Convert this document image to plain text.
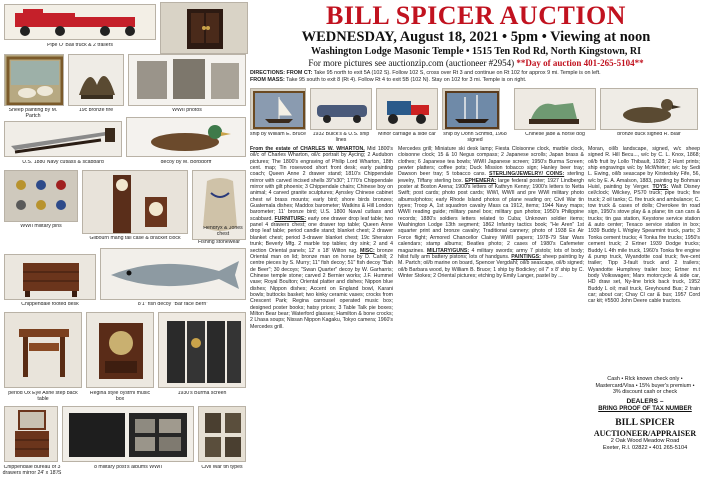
Pipe O' Ball truck & 2 trailers
Sheep painting by M. Partch
19c bronze fire	WWII photos
U.S. 1880 Navy cutlass & scabbard	decoy by M. Borbdorff
WWII military pins
Fishing stonewear
Gilbourn mahg tall case & bracket clock
Hendryx & Jones chest
Chippendale footed desk	8'1" fish decoy "Bar face Berri"
period Ox Eye Ashe step back table
Regina style oystrhl music box
1930's Burma screen
Chippendale bureau of 3 drawers mirror 24' x 18'/S
8 military post's albums WWII	Civil War tin types
BILL SPICER AUCTION
WEDNESDAY, August 18, 2021 • 5pm • Viewing at noon
Washington Lodge Masonic Temple • 1515 Ten Rod Rd, North Kingstown, RI
For more pictures see auctionzip.com (auctioneer #2954) **Day of auction 401-265-5104**
DIRECTIONS: FROM CT: Take 95 north to exit 5A (102 S). Follow 102 S, cross over Rt 3 and continue on Rt 102 for approx 9 mi. Temple is on left.
FROM MASS: Take 95 south to exit 8 (Rt 4). Follow Rt 4 to exit 5B (102 N). Stay on 102 for 3 mi. Temple is on right.
ship by William E. Bruce	1932 Buick's & U.S. ship lines
Minor carriage & side car	ship by Donn Schmid, 1968 signed
Chinese jade & horse dog	bronze duck signed R. Blair
From the estate of CHARLES W. WHARTON, Mid 1800's oil/c of Charles Wharton, oil/c portrait by Aycing; 2 Audubon pictures; The 1800's engraving of Philip Lord Wharton, 18th cent. map; Tin rosewood short front desk; early painting coach; Queen Anne 2 drawer stand; 1810's Chippendale mirror with carved incised shells 39"x30"; 1770's Chippendale mirror with gilt phoenix; 3 Chippendale chairs; Chinese boy on animal; 4 carved granite sculptures; Aynsley Chinese cabinet chest w/ brass mounts; early bird; shore birds bronzes; Guatemala dishes; Maddox barometer; Watkins & Hill London barometer; 11' bronze bird; U.S. 1800 Naval cutlass and scabbard. FURNITURE: early one drawer drop leaf table; two panel 4 drawers chest; one drawer top table; Queen Anne drop leaf table; period candle stand; blanket chest; 2 drawer blanket chest; period 3-drawer blanket chest; 19c Sheraton trunk; Beverly Mfg. 2 marble top tables; dry sink; 2 and 4 section Oriental panels; 12' x 18' Wilton rug. MISC: bronze Oriental man on lid; bronze man on horse by D. Cahill; 2 centre pieces by S. Murry; 11" fish decoy; 51" fish decoy "Bah de Beer"; 30 decoys; "Swan Quarter" decoy by W. Garharris; Chinese temple stone; carved 2 Bernier works; J.F. Hummel vase; Royal Boulton; Oriental platter and dishes; Nippon blue dishes; Nippon dishes; Accent on England bowl, Karani bowls; buttocks basket; two kinky ceramic vases; crocks from Crescent Park; Regina carrousel operated music box; designed poster books; hatsy prices; 3 Table Talk pie boxes; Milton Bear bear; Waterford glasses; Hamilton & bone crocks; 2 Lhasa soups; Nissan Nippon Kagaku, Tokyo camera; 1960's Mercedes grill.
Mercedes grill; Miniature ski desk lamp; Fiesta Cloisonne clock, marble clock, cloisonne clock; 15 & 10 Negus compass; 2 Japanese scrolls; Japan brass & clothes; 6 Japanese tea bowls; WWII Japanese screen; 1950's Burma Screen; pewter platters; coffee pots; Duck Mission tobacco sign; Hanley beer tray; Dawson beer tray; 5 tobacco cans. STERLING/JEWELRY/ COINS: sterling jewelry, Tiffany sterling box. EPHEMERA: large federal poster; 1927 Lindbergh poster at Boston Arena; 1900's letters of Kathryn Kenny; 1900's letters to Netta Swift; post cards; photo post cards; WWI, WWII and pre WWI military photo albums/photos; early Rhode Island photos of plane reading on; Civil War tin types; Troop A, 1st squadron cavalry Mass ca 1912, items; 1944 Navy maps; WWII reading guide; military panel box; military gun photos; 1950's Philippine records; 1880's soldiers letters related to Cuba; Unknown soldier items; Washington Lodge 13th segment; 1862 Infantry tactics book; "He Aren" 1st squarter print and bronze cavalry; Traditional cannery; photo of 1938 Ex Air Force flight; Armored Chancellor Clairey WWII papers; 1978-79 Star Wars calendars; stamp albums; Beatles photo; 2 cases of 1980's Cafemeter magazines. MILITARY/GUNS: 4 military swords; army 7 pistols; lots of body; hilist fully arm battery pistons; lots of handguns. PAINTINGS: sheep painting by M. Partch; oil/b marine on board, Spencer Vergdahl; oil/b seascape, oil/b signed; oil/b Barbara wood, by William B. Bruce; 1 ship by Bodicley; oil 7' x 8' ship by C. Winter Stokes; 2 Oriental pictures; etching by Emily Langer, pastel by ...
Moran, oil/b landscape, signed, w/c sheep signed R. Hill Becu..., w/c by C. L. Knox, 1868; oil/b fruit by Lollo Thibault, 1928; 2 Hunt prints; ship engravings w/c by McWhirter; w/c by Sedi L. Ewing, oil/b seascape by Kirstedsky Fife, 56, w/c by E. A. Amalson, 1883, painting by Bohman Huixl, painting by Verger. TOYS: Walt Disney cel/clock; Wilckey, PS70 truck; pipe truck; fire truck; 2 oil tanks; C. fire truck and ambulance; C. tow truck & cases of dolls; Cherokee tin road sign, 1950's stove play & a plane; tin can cars & trucks; tin gas station, Keystone service station & auto center; Texaco service station in box; 1939 Buddy L Wrigley Spearmint truck, parts; 3 Tonka cement trucks; 4 Tonka fire trucks; 1950's cement truck; 2 Ertner 1939 Dodge trucks; Buddy L 4th mile truck, 1960's Tonka fire engine & pump truck, Wyandotte coal truck; five-cent trailer; Tipp 3-fault truck and 2 trailers; Wyandotte Humphrey trailer box; Ertner m.t body Volkswagen; Marx motorcycle & side car, HD draw set, Ny-line brick back truck, 1952 Buddy L oil; mail truck, Greyhound Bus; 2 train car; about car; Chay Cl car & bus; 1957 Cord car kit; #5500 John Deere cable tractors.
Cash • Rlck known check only •
Mastercard/Visa • 15% buyer's premium •
3% discount cash or check
DEALERS –
BRING PROOF OF TAX NUMBER
BILL SPICER
AUCTIONEER/APPRAISER
2 Oak Wood Meadow Road
Exeter, R.I. 02822 • 401 265-5104
